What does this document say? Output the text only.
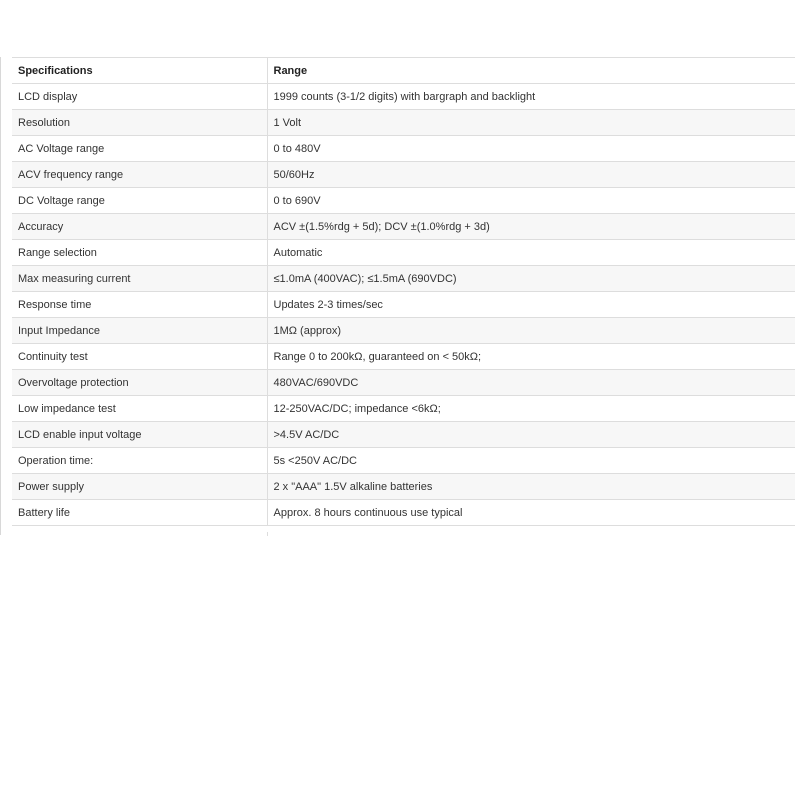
Specifications	Range
LCD display	1999 counts (3-1/2 digits) with bargraph and backlight
Resolution	1 Volt
AC Voltage range	0 to 480V
ACV frequency range	50/60Hz
DC Voltage range	0 to 690V
Accuracy	ACV ±(1.5%rdg + 5d); DCV ±(1.0%rdg + 3d)
Range selection	Automatic
Max measuring current	≤1.0mA (400VAC); ≤1.5mA (690VDC)
Response time	Updates 2-3 times/sec
Input Impedance	1MΩ (approx)
Continuity test	Range 0 to 200kΩ, guaranteed on < 50kΩ;
Overvoltage protection	480VAC/690VDC
Low impedance test	12-250VAC/DC; impedance <6kΩ;
LCD enable input voltage	>4.5V AC/DC
Operation time:	5s <250V AC/DC
Power supply	2 x "AAA" 1.5V alkaline batteries
Battery life	Approx. 8 hours continuous use typical
